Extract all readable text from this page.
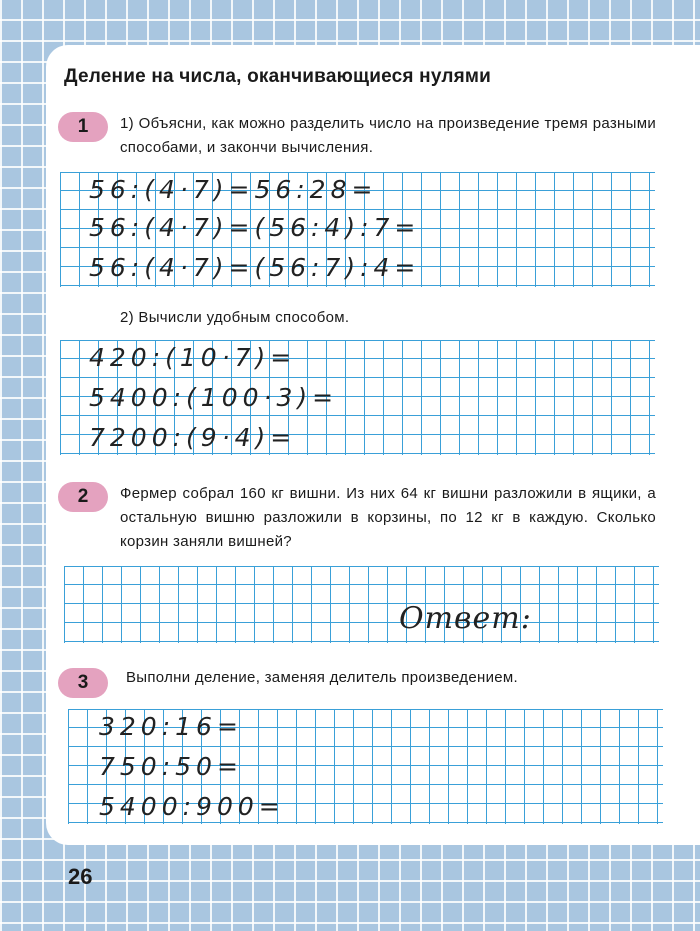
Деление на числа, оканчивающиеся нулями
1	1) Объясни, как можно разделить число на произведение тремя разными способами, и закончи вычисления.

56:(4·7)=56:28=

56:(4·7)=(56:4):7=

56:(4·7)=(56:7):4=

2) Вычисли удобным способом.

420:(10·7)=

5400:(100·3)=

7200:(9·4)=

2	Фермер собрал 160 кг вишни. Из них 64 кг вишни разложили в ящики, а остальную вишню разложили в корзины, по 12 кг в каждую. Сколько корзин заняли вишней?

Ответ:
3	Выполни деление, заменяя делитель произведением.

320:16=

750:50=

5400:900=

26
